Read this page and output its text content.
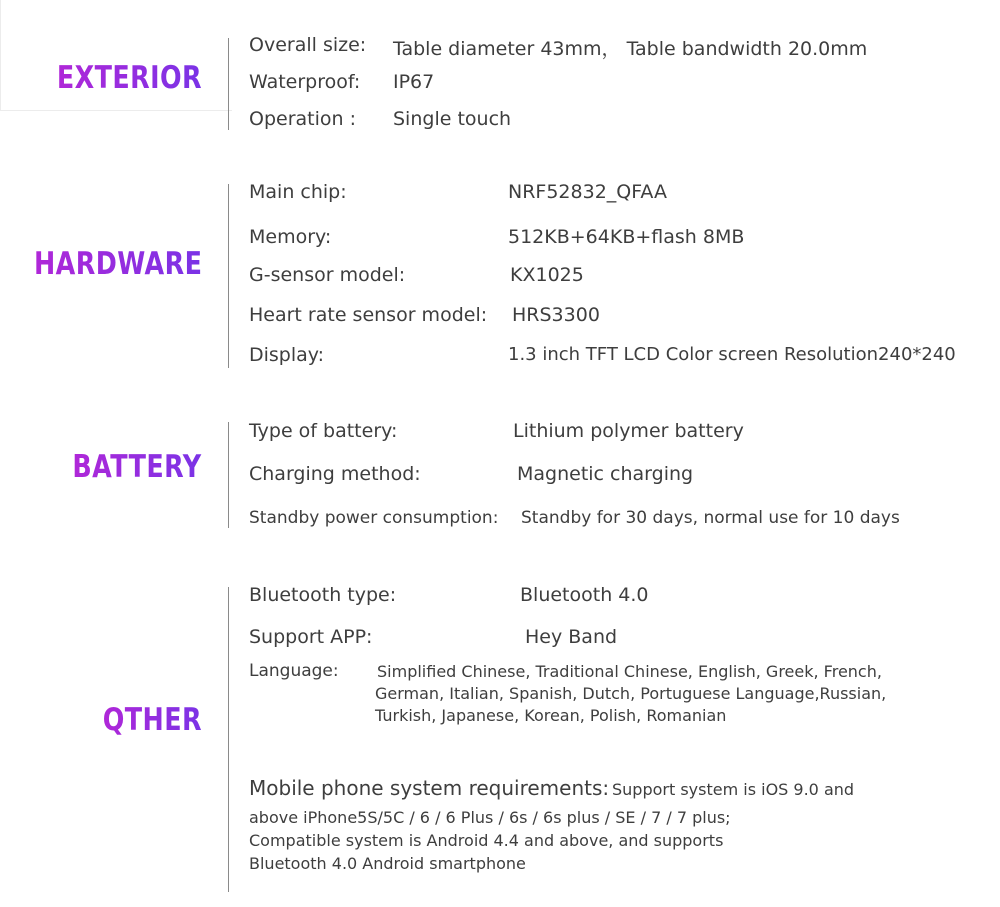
EXTERIOR
Overall size: Table diameter 43mm， Table bandwidth 20.0mm
Waterproof: IP67
Operation : Single touch
HARDWARE
Main chip:	NRF52832_QFAA
Memory:	512KB+64KB+flash 8MB
G-sensor model:	KX1025
Heart rate sensor model: HRS3300
Display:	1.3 inch TFT LCD Color screen Resolution240*240
BATTERY
Type of battery:	Lithium polymer battery
Charging method:	Magnetic charging
Standby power consumption: Standby for 30 days, normal use for 10 days
QTHER
Bluetooth type:	Bluetooth 4.0
Support APP:	Hey Band
Language: Simplified Chinese, Traditional Chinese, English, Greek, French,
German, Italian, Spanish, Dutch, Portuguese Language,Russian,
Turkish, Japanese, Korean, Polish, Romanian
Mobile phone system requirements: Support system is iOS 9.0 and
above iPhone5S/5C / 6 / 6 Plus / 6s / 6s plus / SE / 7 / 7 plus;
Compatible system is Android 4.4 and above, and supports
Bluetooth 4.0 Android smartphone
